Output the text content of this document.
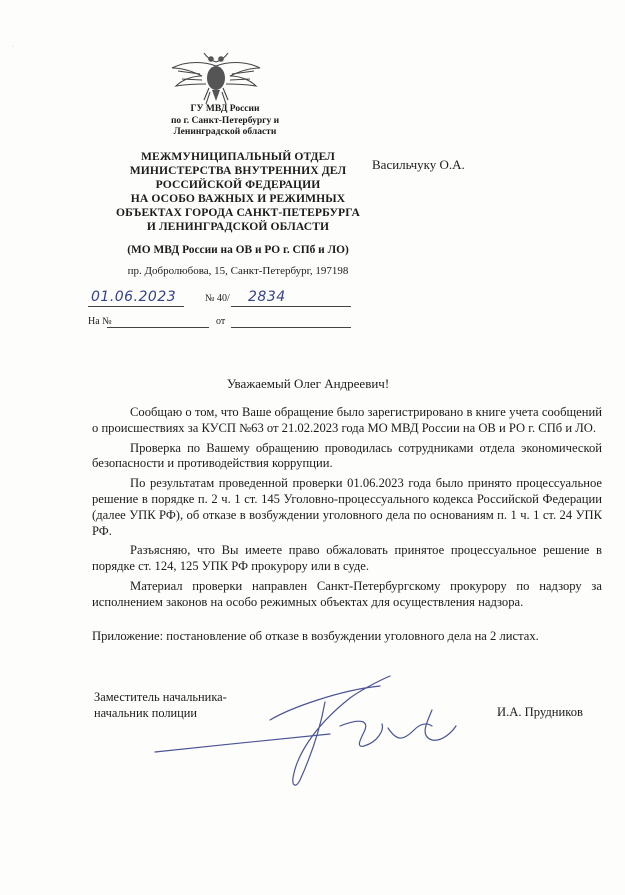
·
ГУ МВД России
по г. Санкт-Петербургу и
Ленинградской области
МЕЖМУНИЦИПАЛЬНЫЙ ОТДЕЛ
МИНИСТЕРСТВА ВНУТРЕННИХ ДЕЛ
РОССИЙСКОЙ ФЕДЕРАЦИИ
НА ОСОБО ВАЖНЫХ И РЕЖИМНЫХ
ОБЪЕКТАХ ГОРОДА САНКТ-ПЕТЕРБУРГА
И ЛЕНИНГРАДСКОЙ ОБЛАСТИ
(МО МВД России на ОВ и РО г. СПб и ЛО)
пр. Добролюбова, 15, Санкт-Петербург, 197198
Васильчуку О.А.
01.06.2023	№ 40/ 2834
На №	от
Уважаемый Олег Андреевич!

Сообщаю о том, что Ваше обращение было зарегистрировано в книге учета сообщений о происшествиях за КУСП №63 от 21.02.2023 года МО МВД России на ОВ и РО г. СПб и ЛО.

Проверка по Вашему обращению проводилась сотрудниками отдела экономической безопасности и противодействия коррупции.

По результатам проведенной проверки 01.06.2023 года было принято процессуальное решение в порядке п. 2 ч. 1 ст. 145 Уголовно-процессуального кодекса Российской Федерации (далее УПК РФ), об отказе в возбуждении уголовного дела по основаниям п. 1 ч. 1 ст. 24 УПК РФ.

Разъясняю, что Вы имеете право обжаловать принятое процессуальное решение в порядке ст. 124, 125 УПК РФ прокурору или в суде.

Материал проверки направлен Санкт-Петербургскому прокурору по надзору за исполнением законов на особо режимных объектах для осуществления надзора.

Приложение: постановление об отказе в возбуждении уголовного дела на 2 листах.

Заместитель начальника-
начальник полиции	И.А. Прудников
